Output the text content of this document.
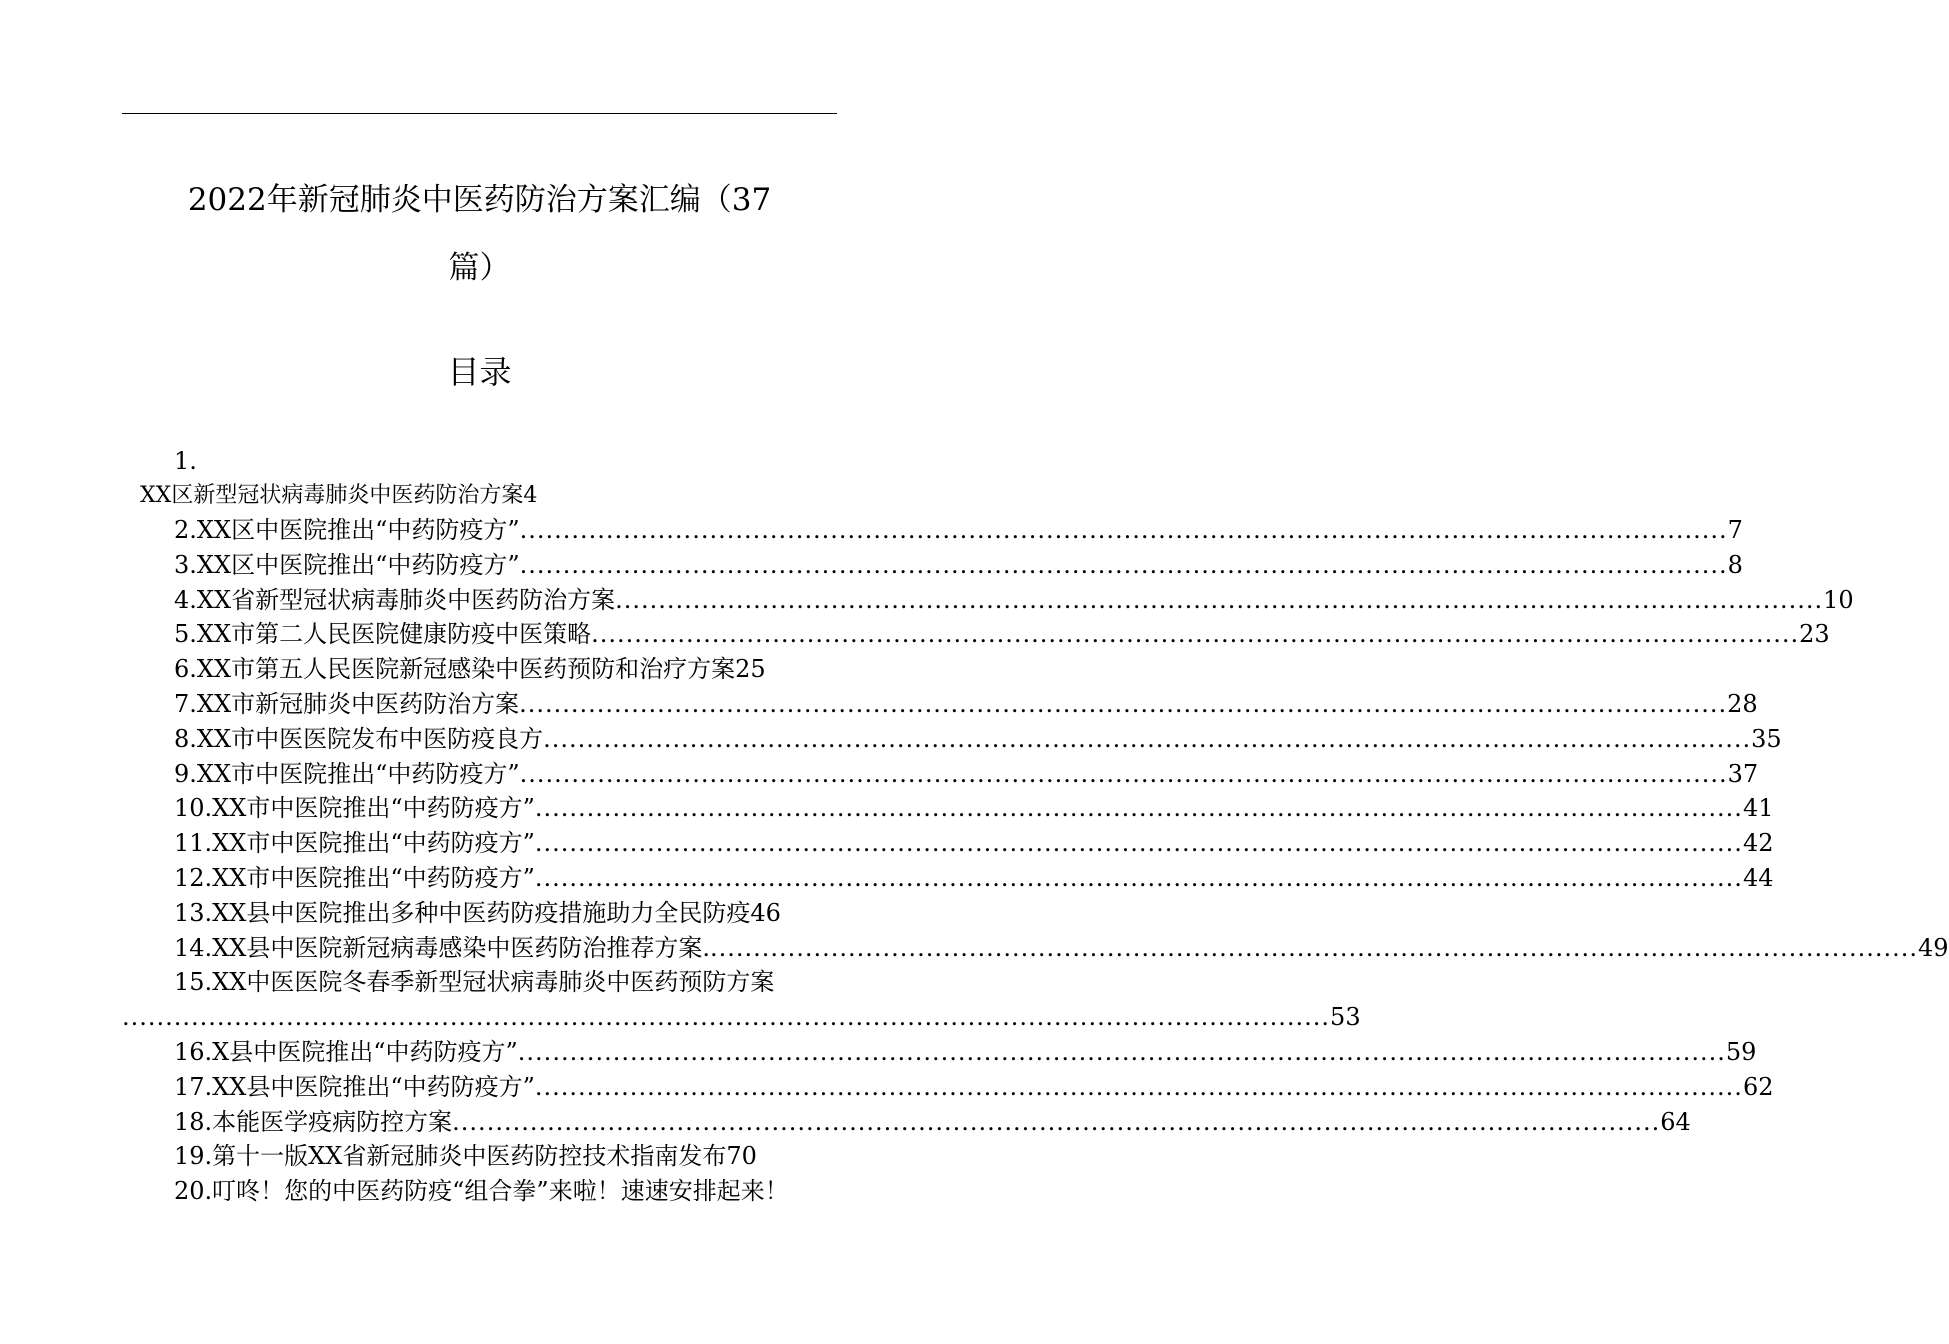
2022年新冠肺炎中医药防治方案汇编（37
篇）
目录
1.
XX区新型冠状病毒肺炎中医药防治方案4
2.XX区中医院推出“中药防疫方” ............................................................................................................................................ 7
3.XX区中医院推出“中药防疫方” ............................................................................................................................................ 8
4.XX省新型冠状病毒肺炎中医药防治方案 ............................................................................................................................................ 10
5.XX市第二人民医院健康防疫中医策略 ............................................................................................................................................ 23
6.XX市第五人民医院新冠感染中医药预防和治疗方案25
7.XX市新冠肺炎中医药防治方案 ............................................................................................................................................ 28
8.XX市中医医院发布中医防疫良方 ............................................................................................................................................ 35
9.XX市中医院推出“中药防疫方” ............................................................................................................................................ 37
10.XX市中医院推出“中药防疫方” ............................................................................................................................................ 41
11.XX市中医院推出“中药防疫方” ............................................................................................................................................ 42
12.XX市中医院推出“中药防疫方” ............................................................................................................................................ 44
13.XX县中医院推出多种中医药防疫措施助力全民防疫46
14.XX县中医院新冠病毒感染中医药防治推荐方案. ............................................................................................................................................ 49
15.XX中医医院冬春季新型冠状病毒肺炎中医药预防方案
............................................................................................................................................ 53
16.X县中医院推出“中药防疫方” ............................................................................................................................................ 59
17.XX县中医院推出“中药防疫方” ............................................................................................................................................ 62
18.本能医学疫病防控方案 ............................................................................................................................................ 64
19.第十一版XX省新冠肺炎中医药防控技术指南发布70
20.叮咚！您的中医药防疫“组合拳”来啦！速速安排起来！
